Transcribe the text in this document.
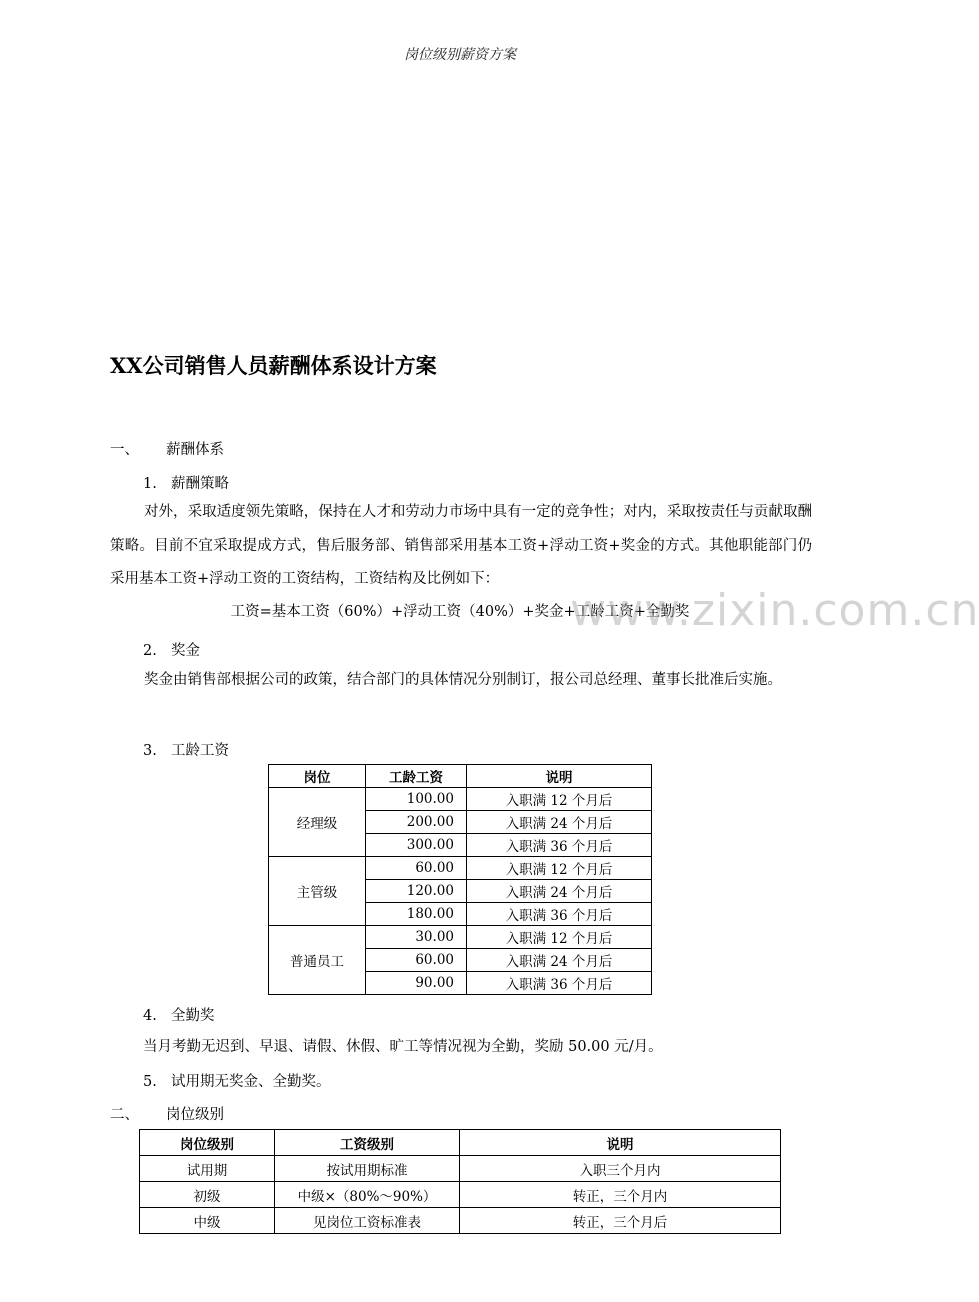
岗位级别薪资方案
XX公司销售人员薪酬体系设计方案
一、 薪酬体系
1. 薪酬策略
对外，采取适度领先策略，保持在人才和劳动力市场中具有一定的竞争性；对内，采取按责任与贡献取酬策略。目前不宜采取提成方式，售后服务部、销售部采用基本工资+浮动工资+奖金的方式。其他职能部门仍采用基本工资+浮动工资的工资结构，工资结构及比例如下：
工资=基本工资（60%）+浮动工资（40%）+奖金+工龄工资+全勤奖
2. 奖金
奖金由销售部根据公司的政策，结合部门的具体情况分别制订，报公司总经理、董事长批准后实施。
3. 工龄工资
岗位	工龄工资	说明
经理级	100.00	入职满 12 个月后
	200.00	入职满 24 个月后
	300.00	入职满 36 个月后
主管级	60.00	入职满 12 个月后
	120.00	入职满 24 个月后
	180.00	入职满 36 个月后
普通员工	30.00	入职满 12 个月后
	60.00	入职满 24 个月后
	90.00	入职满 36 个月后
4. 全勤奖
当月考勤无迟到、早退、请假、休假、旷工等情况视为全勤，奖励 50.00 元/月。
5. 试用期无奖金、全勤奖。
二、 岗位级别
岗位级别	工资级别	说明
试用期	按试用期标准	入职三个月内
初级	中级×（80%～90%）	转正，三个月内
中级	见岗位工资标准表	转正，三个月后
www.zixin.com.cn
